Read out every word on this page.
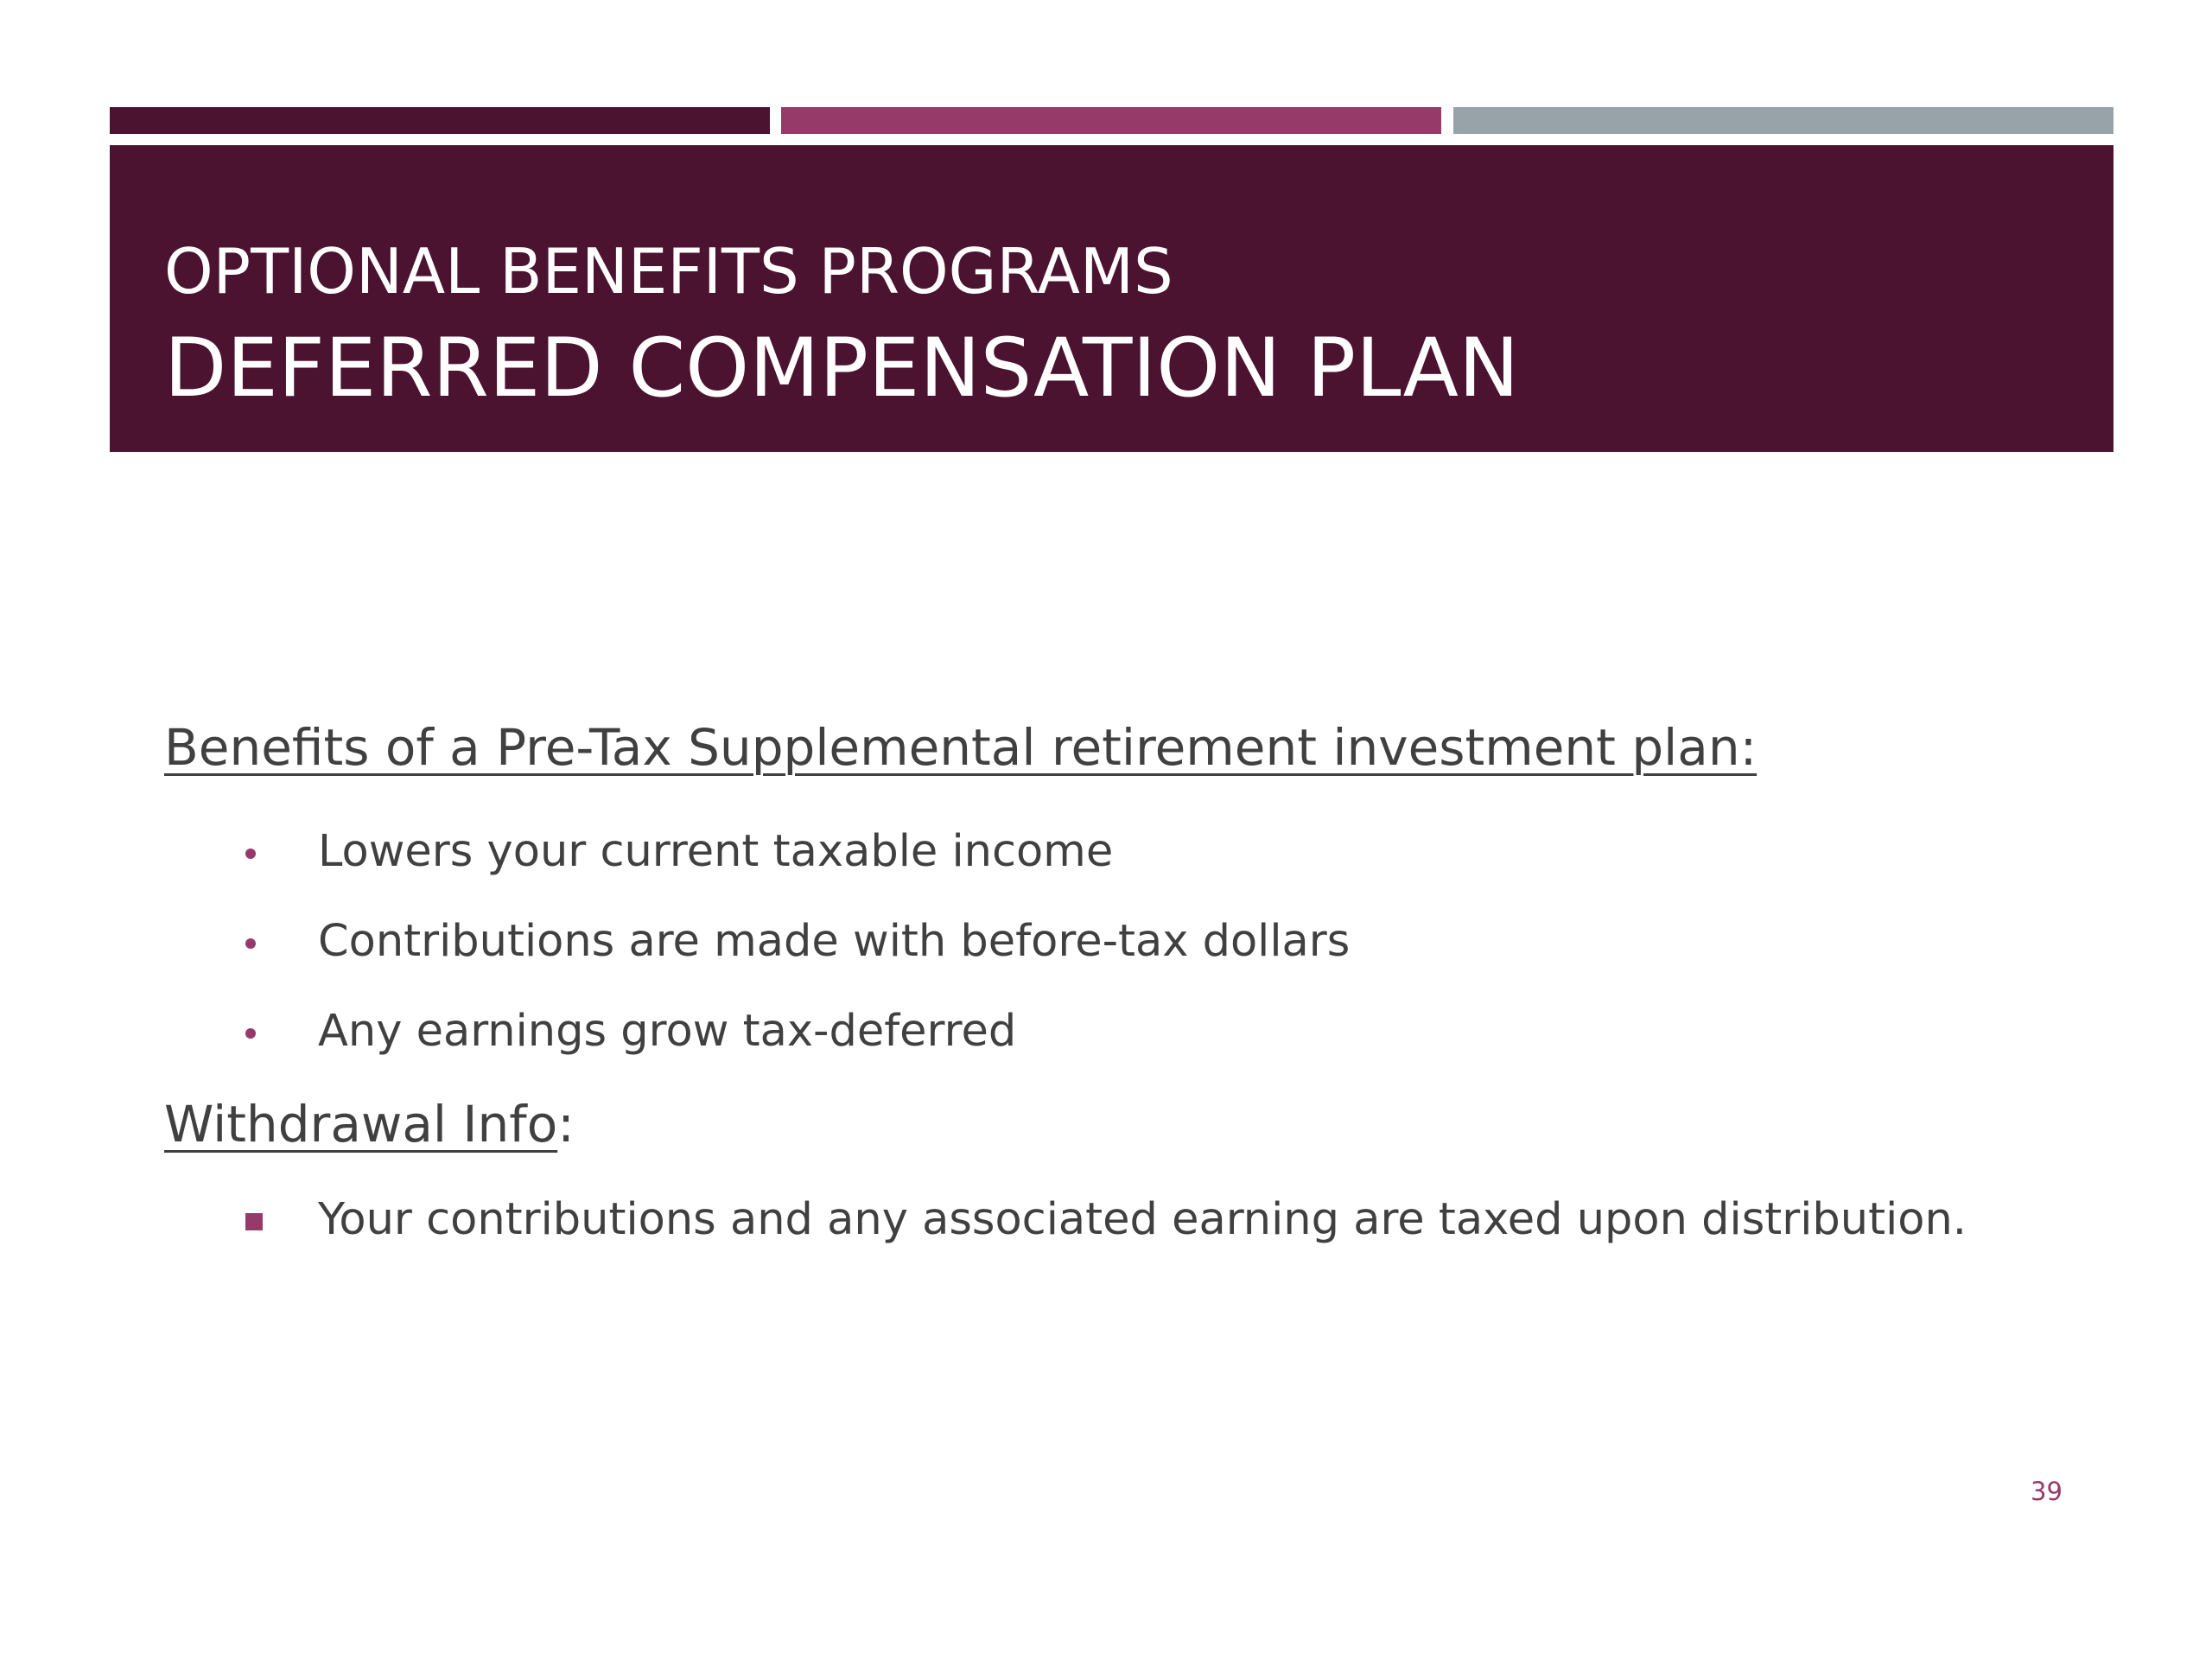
OPTIONAL BENEFITS PROGRAMS
DEFERRED COMPENSATION PLAN
Benefits of a Pre-Tax Supplemental retirement investment plan:
Lowers your current taxable income
Contributions are made with before-tax dollars
Any earnings grow tax-deferred
Withdrawal Info:
Your contributions and any associated earning are taxed upon distribution.
39
